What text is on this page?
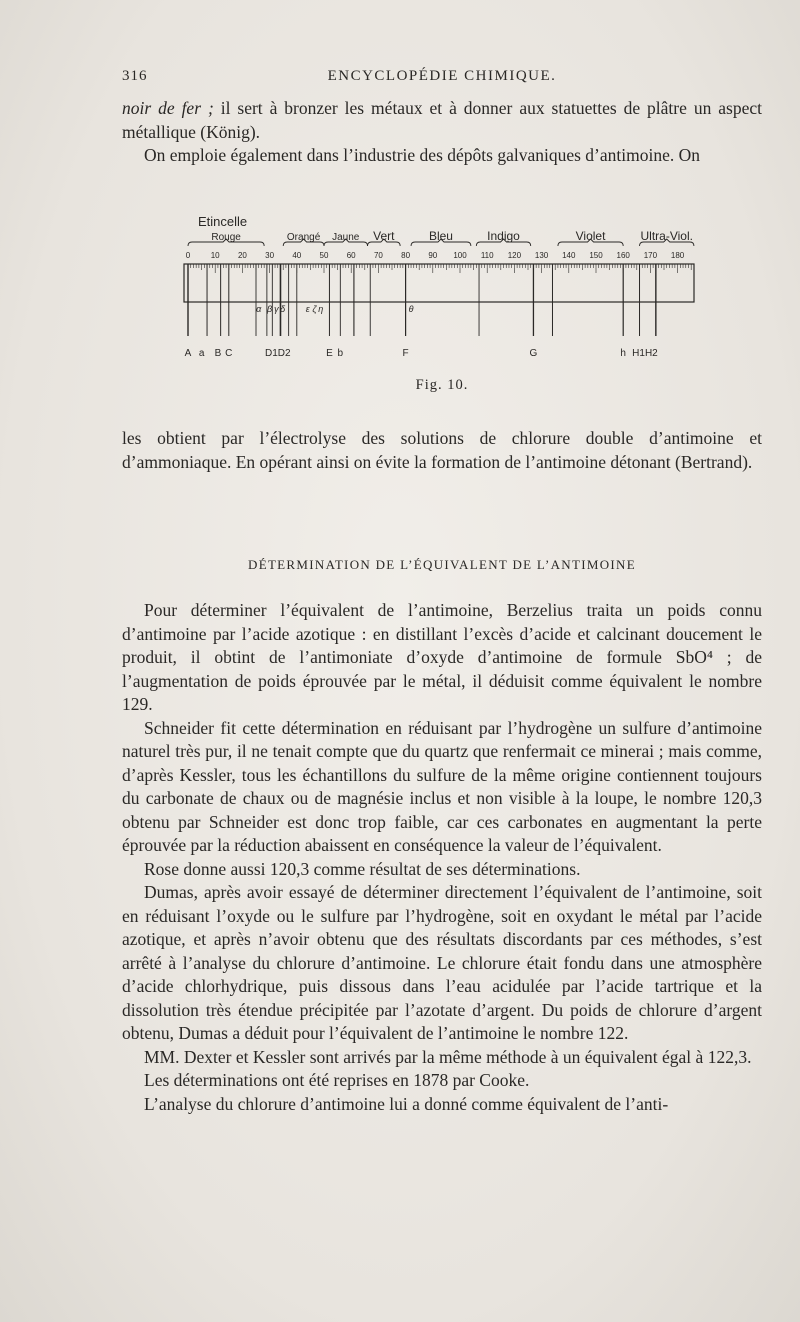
316	ENCYCLOPÉDIE CHIMIQUE.

noir de fer ; il sert à bronzer les métaux et à donner aux statuettes de plâtre un aspect métallique (König).

On emploie également dans l’industrie des dépôts galvaniques d’antimoine. On

Etincelle
Rouge	Orangé Jaune Vert	Bleu	Indigo	Violet	Ultra-Viol.
0	10 20 30 40 50 60 70 80 90 100 110 120 130 140 150 160 170 180
α β γ δ ε ζ η	θ
A a B C	D1D2	E b	F	G	h H1H2
Fig. 10.

les obtient par l’électrolyse des solutions de chlorure double d’antimoine et d’ammoniaque. En opérant ainsi on évite la formation de l’antimoine détonant (Bertrand).

DÉTERMINATION DE L’ÉQUIVALENT DE L’ANTIMOINE

Pour déterminer l’équivalent de l’antimoine, Berzelius traita un poids connu d’antimoine par l’acide azotique : en distillant l’excès d’acide et calcinant doucement le produit, il obtint de l’antimoniate d’oxyde d’antimoine de formule SbO⁴ ; de l’augmentation de poids éprouvée par le métal, il déduisit comme équivalent le nombre 129.

Schneider fit cette détermination en réduisant par l’hydrogène un sulfure d’antimoine naturel très pur, il ne tenait compte que du quartz que renfermait ce minerai ; mais comme, d’après Kessler, tous les échantillons du sulfure de la même origine contiennent toujours du carbonate de chaux ou de magnésie inclus et non visible à la loupe, le nombre 120,3 obtenu par Schneider est donc trop faible, car ces carbonates en augmentant la perte éprouvée par la réduction abaissent en conséquence la valeur de l’équivalent.

Rose donne aussi 120,3 comme résultat de ses déterminations.

Dumas, après avoir essayé de déterminer directement l’équivalent de l’antimoine, soit en réduisant l’oxyde ou le sulfure par l’hydrogène, soit en oxydant le métal par l’acide azotique, et après n’avoir obtenu que des résultats discordants par ces méthodes, s’est arrêté à l’analyse du chlorure d’antimoine. Le chlorure était fondu dans une atmosphère d’acide chlorhydrique, puis dissous dans l’eau acidulée par l’acide tartrique et la dissolution très étendue précipitée par l’azotate d’argent. Du poids de chlorure d’argent obtenu, Dumas a déduit pour l’équivalent de l’antimoine le nombre 122.

MM. Dexter et Kessler sont arrivés par la même méthode à un équivalent égal à 122,3.

Les déterminations ont été reprises en 1878 par Cooke.

L’analyse du chlorure d’antimoine lui a donné comme équivalent de l’anti-
